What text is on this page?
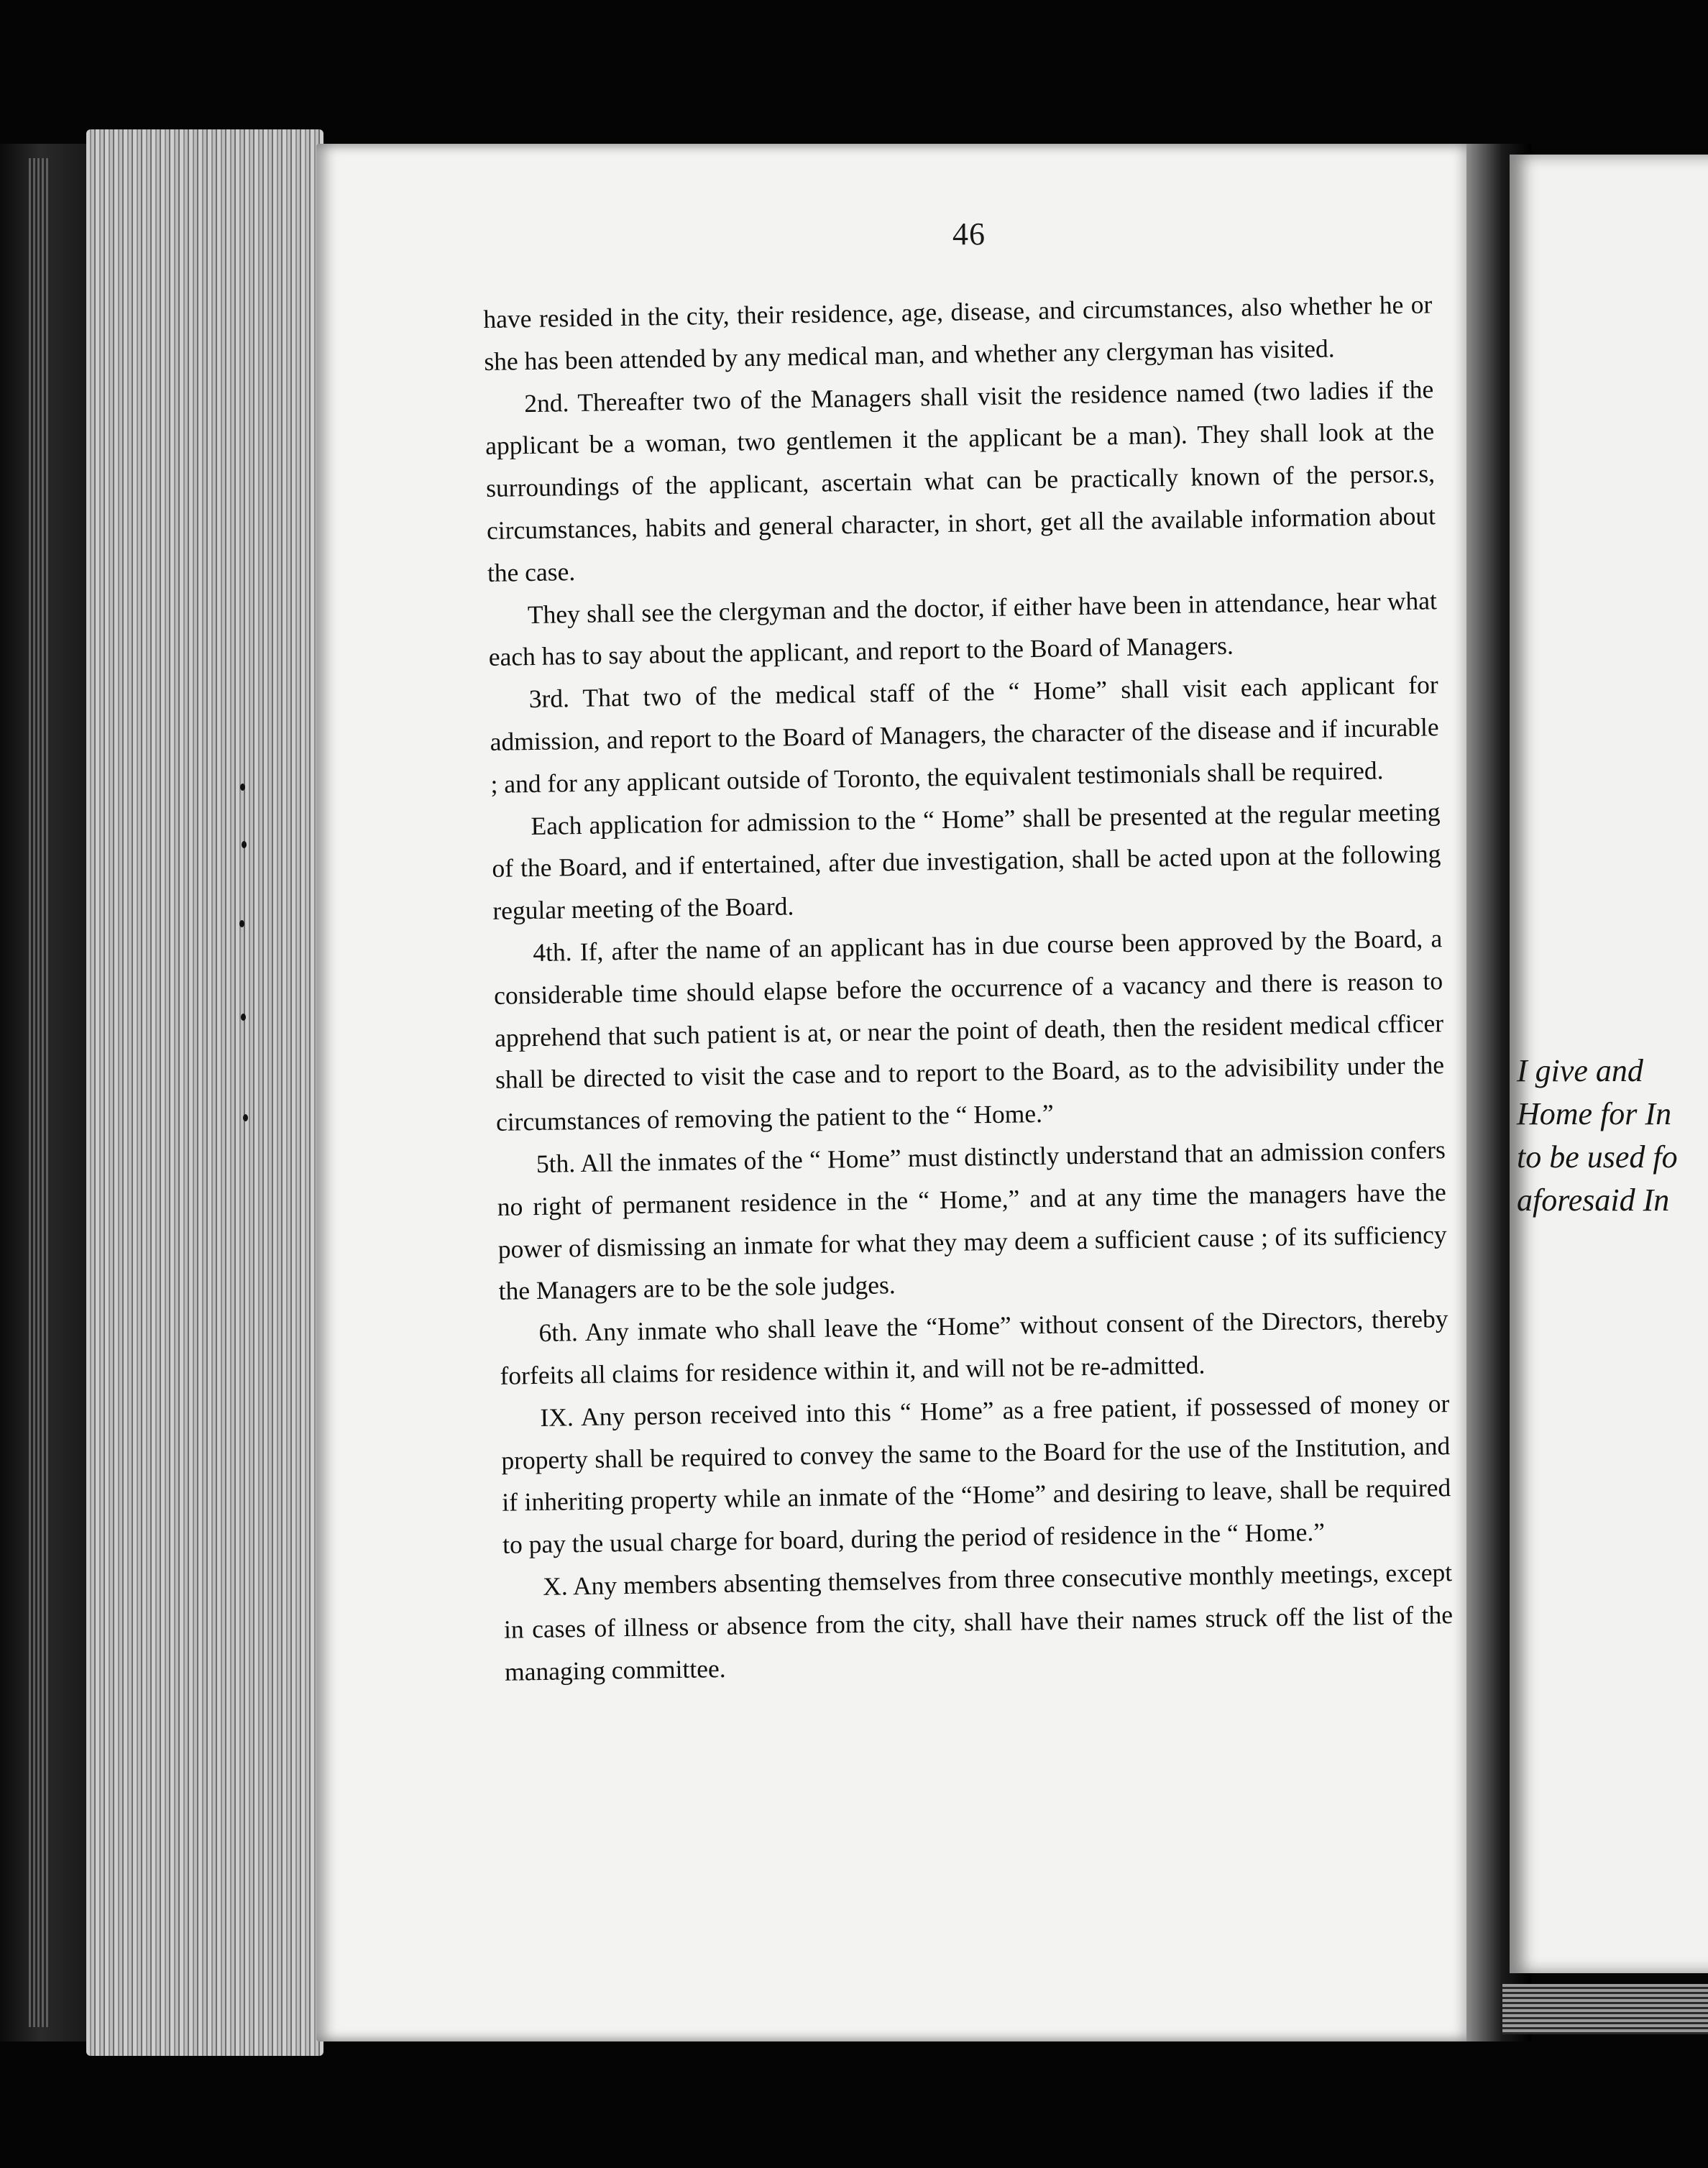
46

have resided in the city, their residence, age, disease, and circumstances, also whether he or she has been attended by any medical man, and whether any clergyman has visited.

2nd. Thereafter two of the Managers shall visit the residence named (two ladies if the applicant be a woman, two gentlemen it the applicant be a man). They shall look at the surroundings of the applicant, ascertain what can be practically known of the persor.s, circumstances, habits and general character, in short, get all the available information about the case.

They shall see the clergyman and the doctor, if either have been in attendance, hear what each has to say about the applicant, and report to the Board of Managers.

3rd. That two of the medical staff of the “ Home” shall visit each applicant for admission, and report to the Board of Managers, the character of the disease and if incurable ; and for any applicant outside of Toronto, the equivalent testimonials shall be required.

Each application for admission to the “ Home” shall be presented at the regular meeting of the Board, and if entertained, after due investigation, shall be acted upon at the following regular meeting of the Board.

4th. If, after the name of an applicant has in due course been approved by the Board, a considerable time should elapse before the occurrence of a vacancy and there is reason to apprehend that such patient is at, or near the point of death, then the resident medical cfficer shall be directed to visit the case and to report to the Board, as to the advisibility under the circumstances of removing the patient to the “ Home.”

5th. All the inmates of the “ Home” must distinctly understand that an admission confers no right of permanent residence in the “ Home,” and at any time the managers have the power of dismissing an inmate for what they may deem a sufficient cause ; of its sufficiency the Managers are to be the sole judges.

6th. Any inmate who shall leave the “Home” without consent of the Directors, thereby forfeits all claims for residence within it, and will not be re-admitted.

IX. Any person received into this “ Home” as a free patient, if possessed of money or property shall be required to convey the same to the Board for the use of the Institution, and if inheriting property while an inmate of the “Home” and desiring to leave, shall be required to pay the usual charge for board, during the period of residence in the “ Home.”

X. Any members absenting themselves from three consecutive monthly meetings, except in cases of illness or absence from the city, shall have their names struck off the list of the managing committee.

I give and
Home for In
to be used fo
aforesaid In
